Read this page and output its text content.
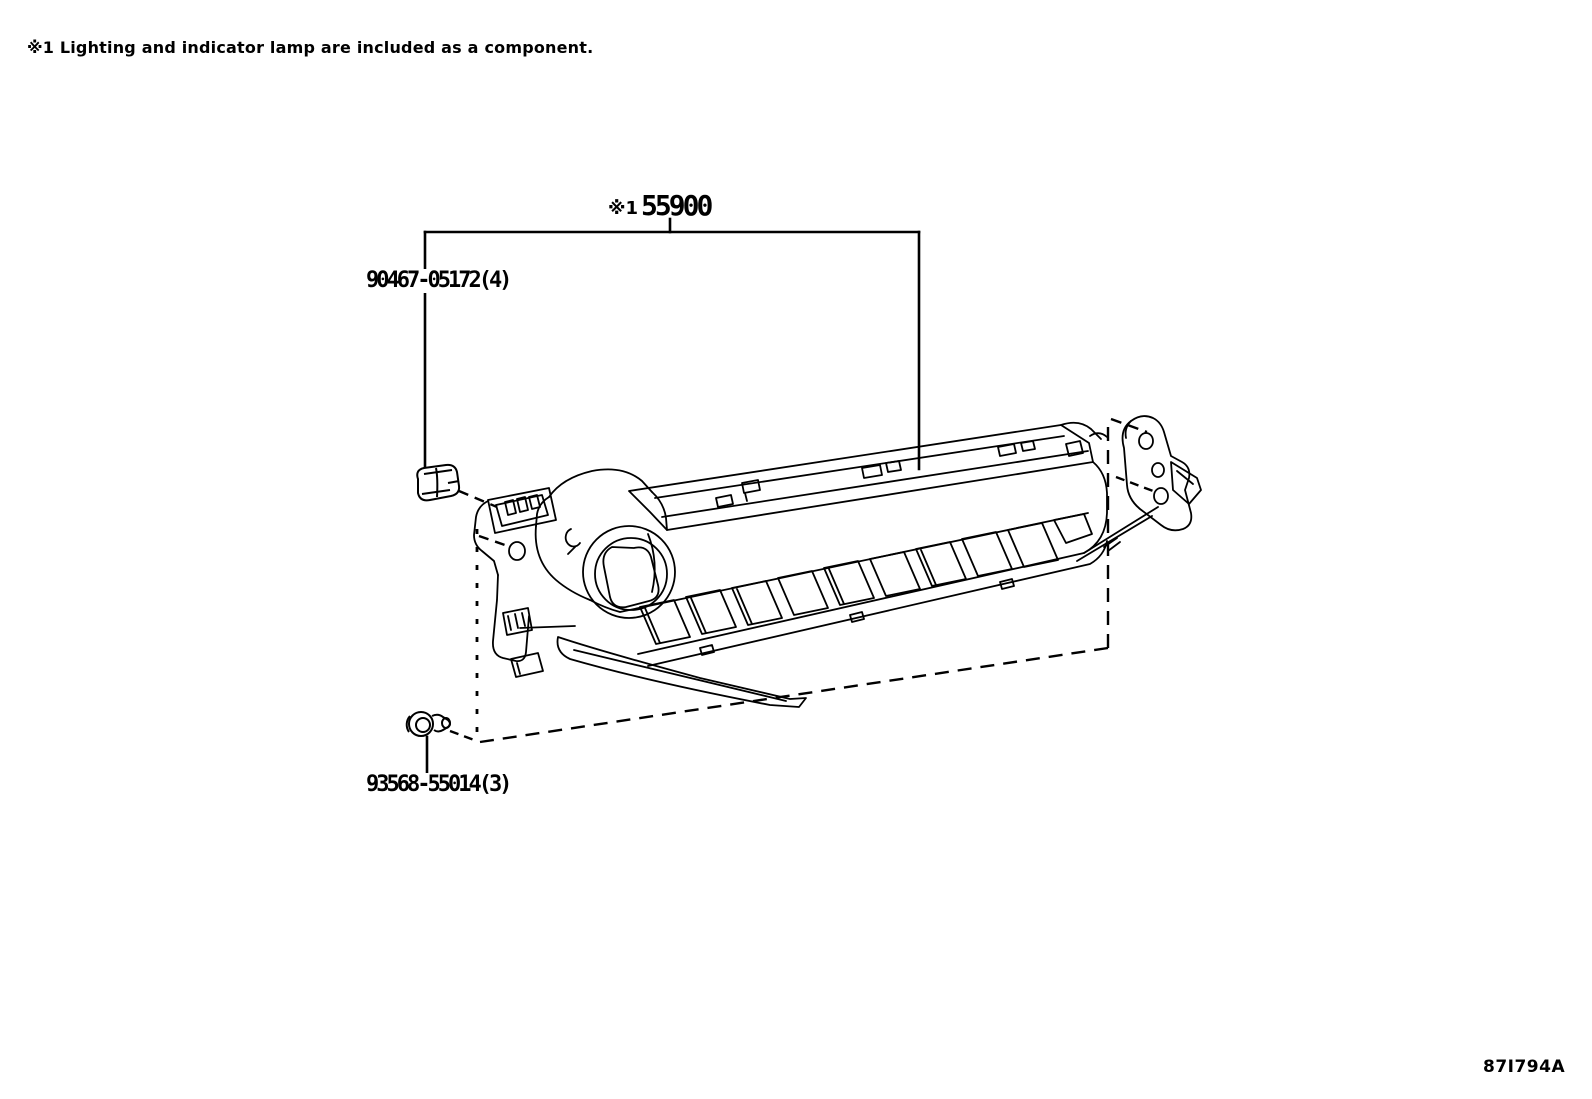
※1 Lighting and indicator lamp are included as a component.
※1 55900
90467-05172(4)
93568-55014(3)
87I794A
